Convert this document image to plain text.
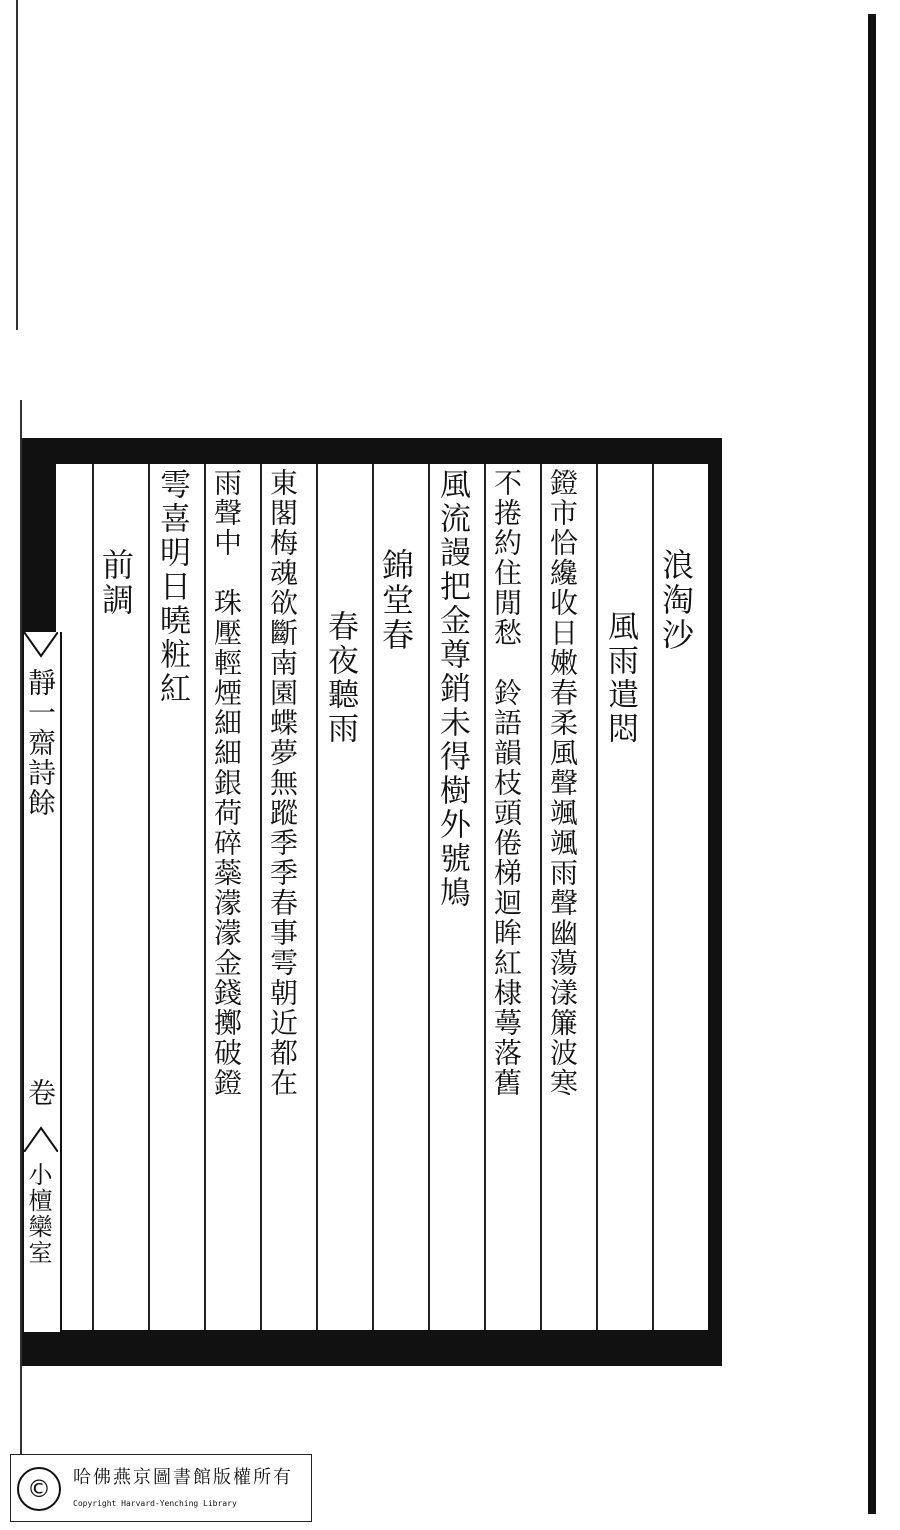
浪淘沙
風雨遣悶
鐙市恰纔收日嫩春柔風聲颯颯雨聲幽蕩漾簾波寒
不捲約住閒愁　鈴語韻枝頭倦梯迴眸紅棣蕚落舊
風流謾把金尊銷未得樹外號鳩
錦堂春
春夜聽雨
東閣梅魂欲斷南園蝶夢無蹤季季春事雩朝近都在
雨聲中　珠壓輕煙細細銀荷碎蘂濛濛金錢擲破鐙
雩喜明日曉粧紅
前調
靜一齋詩餘
卷
小檀欒室
©	哈佛燕京圖書館版權所有
Copyright Harvard-Yenching Library
